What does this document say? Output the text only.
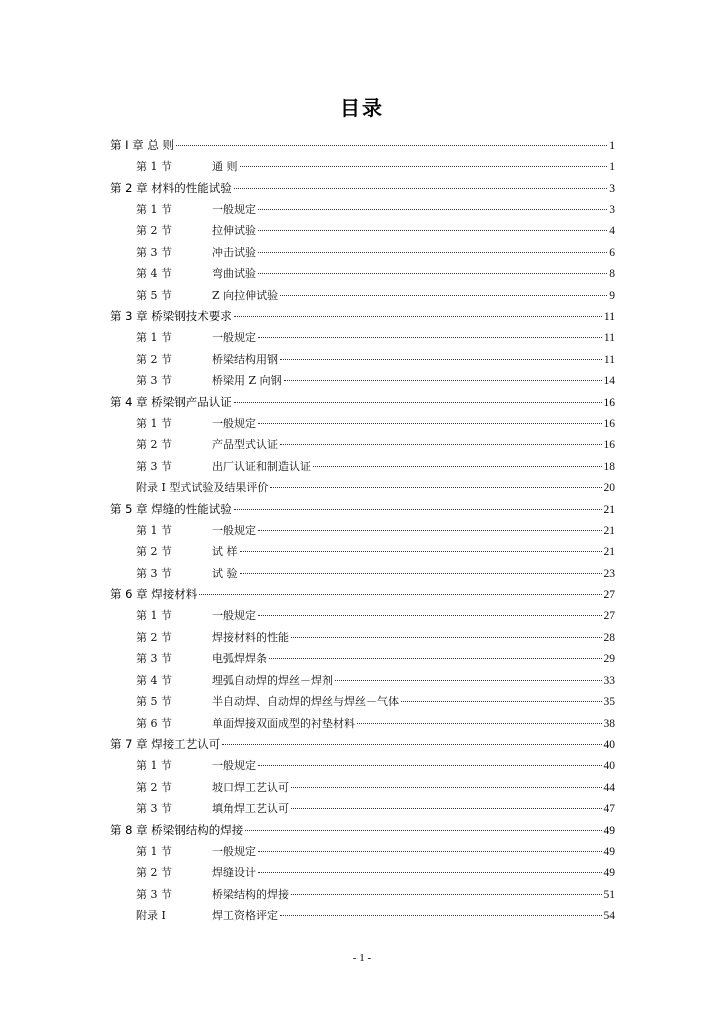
目录
第 I 章 总 则	1
第 1 节	通 则	1
第 2 章 材料的性能试验	3
第 1 节	一般规定	3
第 2 节	拉伸试验	4
第 3 节	冲击试验	6
第 4 节	弯曲试验	8
第 5 节	Z 向拉伸试验	9
第 3 章 桥梁钢技术要求	11
第 1 节	一般规定	11
第 2 节	桥梁结构用钢	11
第 3 节	桥梁用 Z 向钢	14
第 4 章 桥梁钢产品认证	16
第 1 节	一般规定	16
第 2 节	产品型式认证	16
第 3 节	出厂认证和制造认证	18
附录 I 型式试验及结果评价	20
第 5 章 焊缝的性能试验	21
第 1 节	一般规定	21
第 2 节	试 样	21
第 3 节	试 验	23
第 6 章 焊接材料	27
第 1 节	一般规定	27
第 2 节	焊接材料的性能	28
第 3 节	电弧焊焊条	29
第 4 节	埋弧自动焊的焊丝－焊剂	33
第 5 节	半自动焊、自动焊的焊丝与焊丝－气体	35
第 6 节	单面焊接双面成型的衬垫材料	38
第 7 章 焊接工艺认可	40
第 1 节	一般规定	40
第 2 节	坡口焊工艺认可	44
第 3 节	填角焊工艺认可	47
第 8 章 桥梁钢结构的焊接	49
第 1 节	一般规定	49
第 2 节	焊缝设计	49
第 3 节	桥梁结构的焊接	51
附录 I	焊工资格评定	54
- 1 -
